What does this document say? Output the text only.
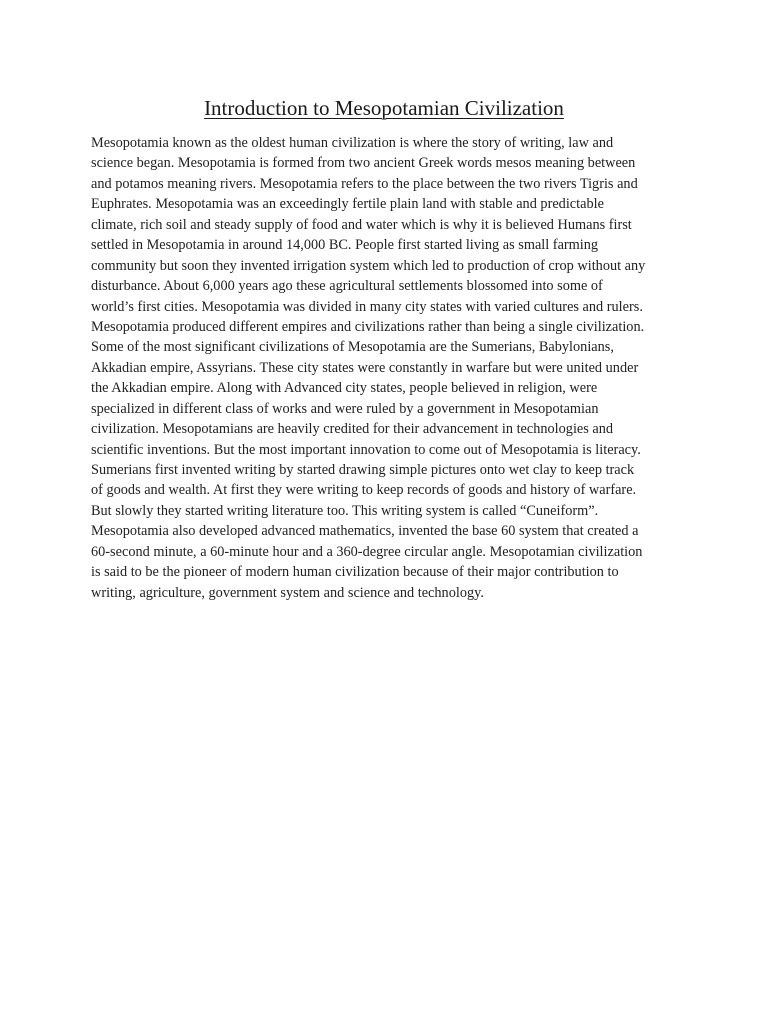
Introduction to Mesopotamian Civilization
Mesopotamia known as the oldest human civilization is where the story of writing, law and
science began. Mesopotamia is formed from two ancient Greek words mesos meaning between
and potamos meaning rivers. Mesopotamia refers to the place between the two rivers Tigris and
Euphrates. Mesopotamia was an exceedingly fertile plain land with stable and predictable
climate, rich soil and steady supply of food and water which is why it is believed Humans first
settled in Mesopotamia in around 14,000 BC. People first started living as small farming
community but soon they invented irrigation system which led to production of crop without any
disturbance. About 6,000 years ago these agricultural settlements blossomed into some of
world’s first cities. Mesopotamia was divided in many city states with varied cultures and rulers.
Mesopotamia produced different empires and civilizations rather than being a single civilization.
Some of the most significant civilizations of Mesopotamia are the Sumerians, Babylonians,
Akkadian empire, Assyrians. These city states were constantly in warfare but were united under
the Akkadian empire. Along with Advanced city states, people believed in religion, were
specialized in different class of works and were ruled by a government in Mesopotamian
civilization. Mesopotamians are heavily credited for their advancement in technologies and
scientific inventions. But the most important innovation to come out of Mesopotamia is literacy.
Sumerians first invented writing by started drawing simple pictures onto wet clay to keep track
of goods and wealth. At first they were writing to keep records of goods and history of warfare.
But slowly they started writing literature too. This writing system is called “Cuneiform”.
Mesopotamia also developed advanced mathematics, invented the base 60 system that created a
60-second minute, a 60-minute hour and a 360-degree circular angle. Mesopotamian civilization
is said to be the pioneer of modern human civilization because of their major contribution to
writing, agriculture, government system and science and technology.
